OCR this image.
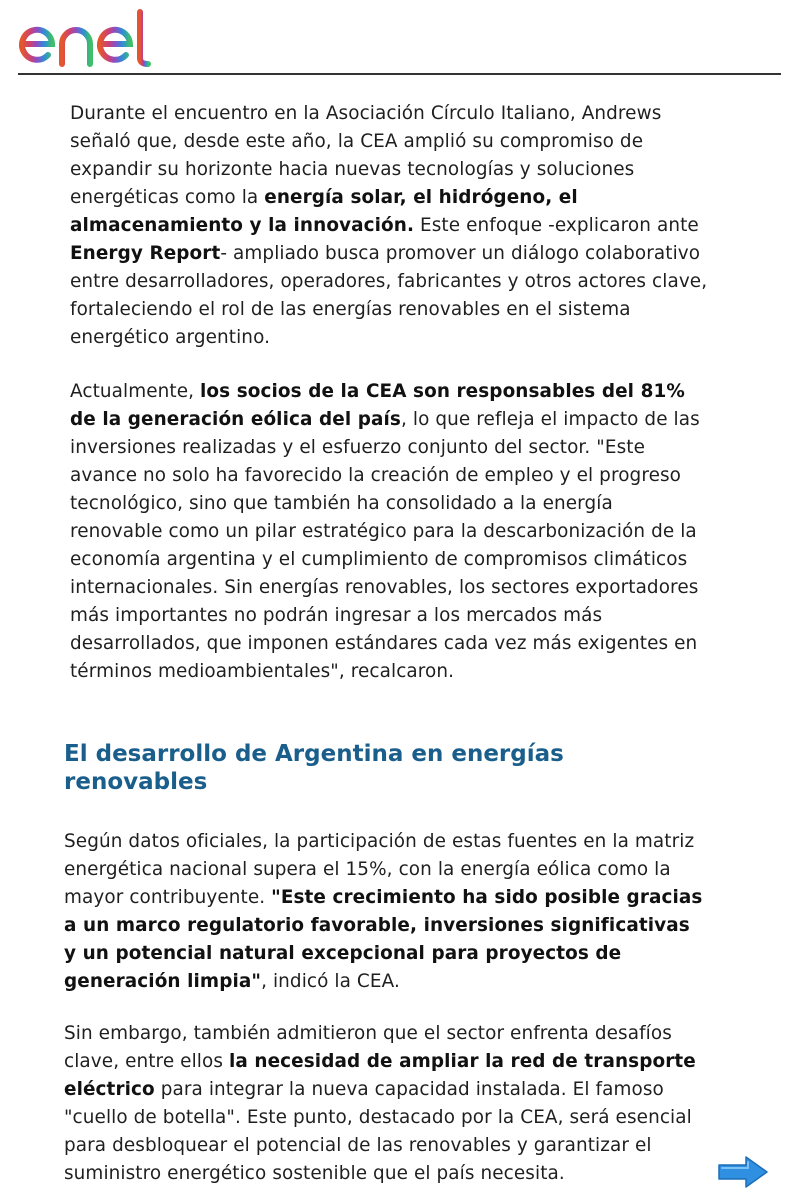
enel

Durante el encuentro en la Asociación Círculo Italiano, Andrews señaló que, desde este año, la CEA amplió su compromiso de expandir su horizonte hacia nuevas tecnologías y soluciones energéticas como la energía solar, el hidrógeno, el almacenamiento y la innovación. Este enfoque -explicaron ante Energy Report- ampliado busca promover un diálogo colaborativo entre desarrolladores, operadores, fabricantes y otros actores clave, fortaleciendo el rol de las energías renovables en el sistema energético argentino.

Actualmente, los socios de la CEA son responsables del 81% de la generación eólica del país, lo que refleja el impacto de las inversiones realizadas y el esfuerzo conjunto del sector. "Este avance no solo ha favorecido la creación de empleo y el progreso tecnológico, sino que también ha consolidado a la energía renovable como un pilar estratégico para la descarbonización de la economía argentina y el cumplimiento de compromisos climáticos internacionales. Sin energías renovables, los sectores exportadores más importantes no podrán ingresar a los mercados más desarrollados, que imponen estándares cada vez más exigentes en términos medioambientales", recalcaron.

El desarrollo de Argentina en energías renovables

Según datos oficiales, la participación de estas fuentes en la matriz energética nacional supera el 15%, con la energía eólica como la mayor contribuyente. "Este crecimiento ha sido posible gracias a un marco regulatorio favorable, inversiones significativas y un potencial natural excepcional para proyectos de generación limpia", indicó la CEA.

Sin embargo, también admitieron que el sector enfrenta desafíos clave, entre ellos la necesidad de ampliar la red de transporte eléctrico para integrar la nueva capacidad instalada. El famoso "cuello de botella". Este punto, destacado por la CEA, será esencial para desbloquear el potencial de las renovables y garantizar el suministro energético sostenible que el país necesita.
